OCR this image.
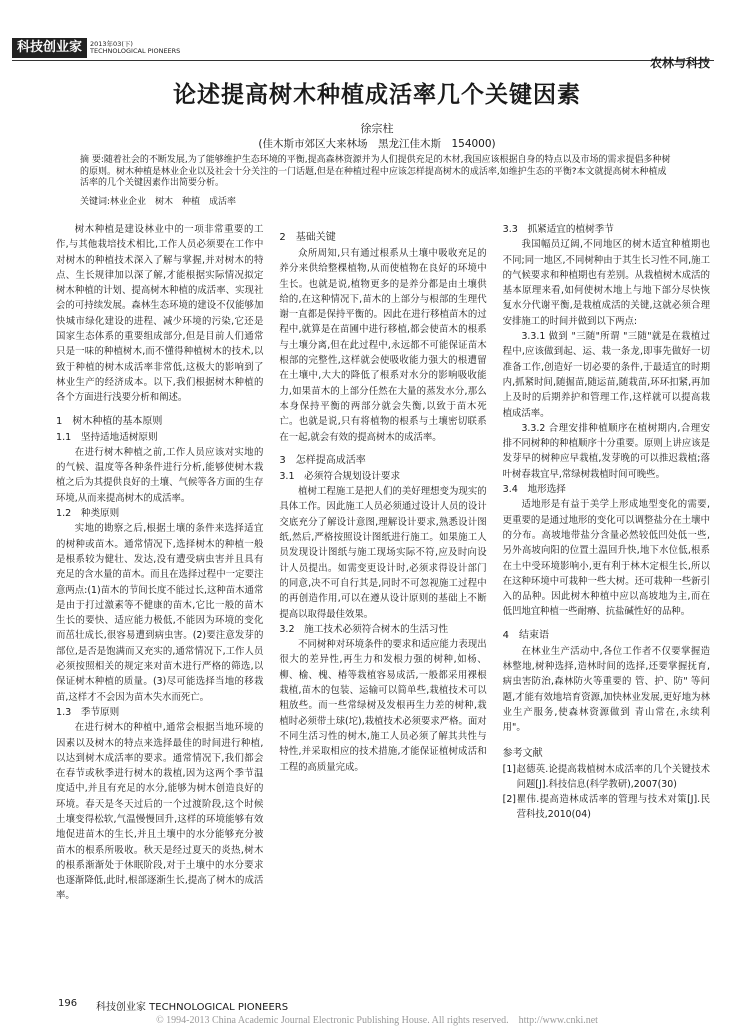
科技创业家	2013年03(下)
TECHNOLOGICAL PIONEERS
农林与科技
论述提高树木种植成活率几个关键因素
徐宗柱
(佳木斯市郊区大来林场　黑龙江佳木斯　154000)
摘 要:随着社会的不断发展,为了能够维护生态环境的平衡,提高森林资源并为人们提供充足的木材,我国应该根据自身的特点以及市场的需求提倡多种树的原则。树木种植是林业企业以及社会十分关注的一门话题,但是在种植过程中应该怎样提高树木的成活率,如维护生态的平衡?本文就提高树木种植成活率的几个关键因素作出简要分析。
关键词:林业企业　树木　种植　成活率

树木种植是建设林业中的一项非常重要的工作,与其他栽培技术相比,工作人员必须要在工作中对树木的种植技术深入了解与掌握,并对树木的特点、生长规律加以深了解,才能根据实际情况拟定树木种植的计划、提高树木种植的成活率、实现社会的可持续发展。森林生态环境的建设不仅能够加快城市绿化建设的进程、减少环境的污染,它还是国家生态体系的重要组成部分,但是目前人们通常只是一味的种植树木,而不懂得种植树木的技术,以致于种植的树木成活率非常低,这极大的影响到了林业生产的经济成本。以下,我们根据树木种植的各个方面进行浅要分析和阐述。

1　树木种植的基本原则
1.1　坚持适地适树原则

在进行树木种植之前,工作人员应该对实地的的气候、温度等各种条件进行分析,能够使树木栽植之后为其提供良好的土壤、气候等各方面的生存环境,从而来提高树木的成活率。

1.2　种类原则

实地的勘察之后,根据土壤的条件来选择适宜的树种或苗木。通常情况下,选择树木的种植一般是根系较为健壮、发达,没有遭受病虫害并且具有充足的含水量的苗木。而且在选择过程中一定要注意两点:(1)苗木的节间长度不能过长,这种苗木通常是由于打过激素等不健康的苗木,它比一般的苗木生长的要快、适应能力极低,不能因为环境的变化而茁壮成长,很容易遭到病虫害。(2)要注意发芽的部位,是否是饱满而又充实的,通常情况下,工作人员必须按照相关的规定来对苗木进行严格的筛选,以保证树木种植的质量。(3)尽可能选择当地的移栽苗,这样才不会因为苗木失水而死亡。

1.3　季节原则

在进行树木的种植中,通常会根据当地环境的因素以及树木的特点来选择最佳的时间进行种植,以达到树木成活率的要求。通常情况下,我们都会在春节或秋季进行树木的栽植,因为这两个季节温度适中,并且有充足的水分,能够为树木创造良好的环境。春天是冬天过后的一个过渡阶段,这个时候土壤变得松软,气温慢慢回升,这样的环境能够有效地促进苗木的生长,并且土壤中的水分能够充分被苗木的根系所吸收。秋天是经过夏天的炎热,树木的根系渐渐处于休眠阶段,对于土壤中的水分要求也逐渐降低,此时,根部逐渐生长,提高了树木的成活率。

2　基础关键

众所周知,只有通过根系从土壤中吸收充足的养分来供给整棵植物,从而使植物在良好的环境中生长。也就是说,植物更多的是养分都是由土壤供给的,在这种情况下,苗木的上部分与根部的生理代谢一直都是保持平衡的。因此在进行移植苗木的过程中,就算是在苗圃中进行移植,都会使苗木的根系与土壤分离,但在此过程中,永远都不可能保证苗木根部的完整性,这样就会使吸收能力强大的根遭留在土壤中,大大的降低了根系对水分的影响吸收能力,如果苗木的上部分任然在大量的蒸发水分,那么本身保持平衡的两部分就会失衡,以致于苗木死亡。也就是说,只有将植物的根系与土壤密切联系在一起,就会有效的提高树木的成活率。

3　怎样提高成活率
3.1　必须符合规划设计要求

植树工程施工是把人们的美好理想变为现实的具体工作。因此施工人员必须通过设计人员的设计交底充分了解设计意图,理解设计要求,熟悉设计图纸,然后,严格按照设计图纸进行施工。如果施工人员发现设计图纸与施工现场实际不符,应及时向设计人员提出。如需变更设计时,必须求得设计部门的同意,决不可自行其是,同时不可忽视施工过程中的再创造作用,可以在遵从设计原则的基础上不断提高以取得最佳效果。

3.2　施工技术必须符合树木的生活习性

不同树种对环境条件的要求和适应能力表现出很大的差异性,再生力和发根力强的树种,如杨、柳、榆、槐、椿等栽植容易成活,一般都采用裸根栽植,苗木的包装、运输可以简单些,栽植技术可以粗放些。而一些常绿树及发根再生力差的树种,栽植时必须带土球(坨),栽植技术必须要求严格。面对不同生活习性的树木,施工人员必须了解其共性与特性,并采取相应的技术措施,才能保证植树成活和工程的高质量完成。

3.3　抓紧适宜的植树季节

我国幅员辽阔,不同地区的树木适宜种植期也不同;同一地区,不同树种由于其生长习性不同,施工的气候要求和种植期也有差别。从栽植树木成活的基本原理来看,如何使树木地上与地下部分尽快恢复水分代谢平衡,是栽植成活的关键,这就必须合理安排施工的时间并做到以下两点:

3.3.1 做到 "三随"所谓 "三随"就是在栽植过程中,应该做到起、运、栽一条龙,即事先做好一切准备工作,创造好一切必要的条件,于最适宜的时期内,抓紧时间,随掘苗,随运苗,随栽苗,环环扣紧,再加上及时的后期养护和管理工作,这样就可以提高栽植成活率。

3.3.2 合理安排种植顺序在植树期内,合理安排不同树种的种植顺序十分重要。原则上讲应该是发芽早的树种应早栽植,发芽晚的可以推迟栽植;落叶树春栽宜早,常绿树栽植时间可晚些。

3.4　地形选择

适地形是有益于美学上形成地型变化的需要,更重要的是通过地形的变化可以调整盐分在土壤中的分布。高坡地带盐分含量必然较低凹处低一些,另外高坡向阳的位置土温回升快,地下水位低,根系在土中受环境影响小,更有利于林木定根生长,所以在这种环境中可栽种一些大树。还可栽种一些新引入的品种。因此树木种植中应以高坡地为主,而在低凹地宜种植一些耐瘠、抗盐碱性好的品种。

4　结束语

在林业生产活动中,各位工作者不仅要掌握造林整地,树种选择,造林时间的选择,还要掌握抚育,病虫害防治,森林防火等重要的 管、护、防" 等问题,才能有效地培育资源,加快林业发展,更好地为林业生产服务,使森林资源做到 青山常在,永续利用"。

参考文献

[1] 赵德英.论提高栽植树木成活率的几个关键技术问题[J].科技信息(科学教研),2007(30)

[2] 瞿伟.提高造林成活率的管理与技术对策[J].民营科技,2010(04)

196 科技创业家 TECHNOLOGICAL PIONEERS
© 1994-2013 China Academic Journal Electronic Publishing House. All rights reserved.　http://www.cnki.net
